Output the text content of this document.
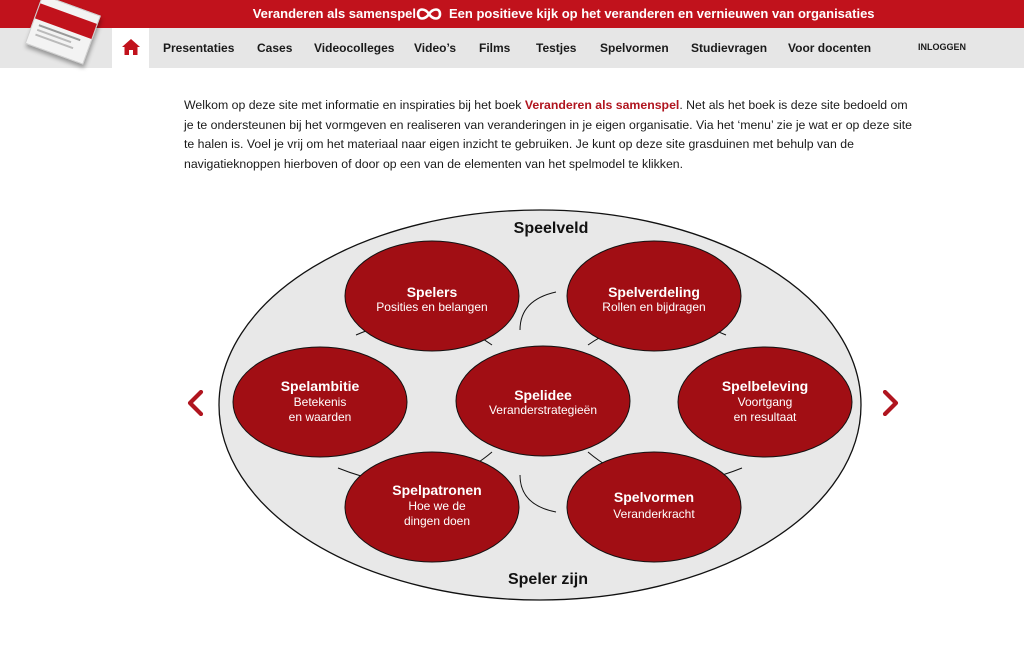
Veranderen als samenspel	Een positieve kijk op het veranderen en vernieuwen van organisaties
Presentaties Cases Videocolleges Video’s Films Testjes Spelvormen Studievragen Voor docenten	INLOGGEN

Welkom op deze site met informatie en inspiraties bij het boek Veranderen als samenspel. Net als het boek is deze site bedoeld om je te ondersteunen bij het vormgeven en realiseren van veranderingen in je eigen organisatie. Via het ‘menu’ zie je wat er op deze site te halen is. Voel je vrij om het materiaal naar eigen inzicht te gebruiken. Je kunt op deze site grasduinen met behulp van de navigatieknoppen hierboven of door op een van de elementen van het spelmodel te klikken.

Speelveld
Speler zijn
Spelers
Posities en belangen
Spelverdeling
Rollen en bijdragen
Spelambitie
Betekenis
en waarden
Spelidee
Veranderstrategieën
Spelbeleving
Voortgang
en resultaat
Spelpatronen
Hoe we de
dingen doen
Spelvormen
Veranderkracht
